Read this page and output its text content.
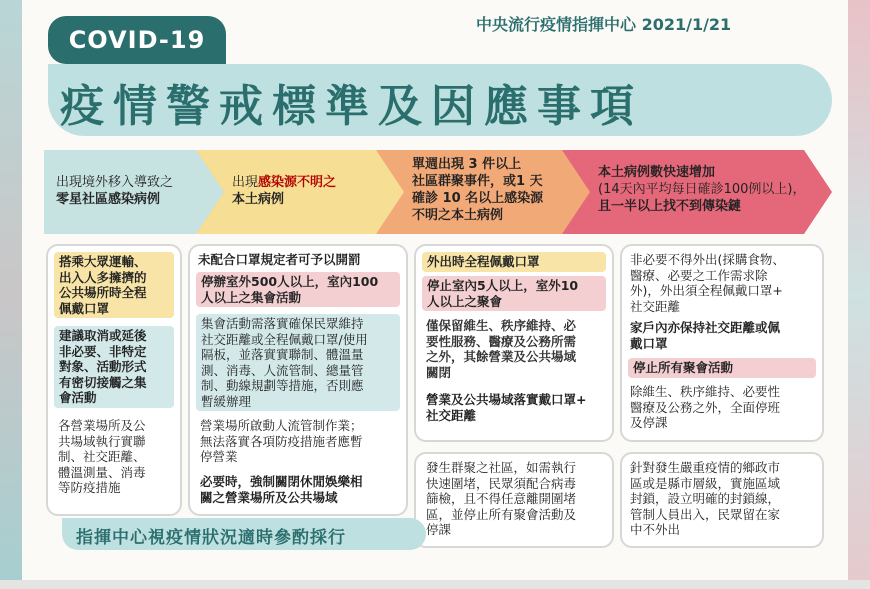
COVID-19
中央流行疫情指揮中心 2021/1/21
疫情警戒標準及因應事項
出現境外移入導致之
零星社區感染病例
出現感染源不明之
本土病例
單週出現 3 件以上
社區群聚事件，或1 天
確診 10 名以上感染源
不明之本土病例
本土病例數快速增加
(14天內平均每日確診100例以上)，
且一半以上找不到傳染鏈
搭乘大眾運輸、
出入人多擁擠的
公共場所時全程
佩戴口罩
建議取消或延後
非必要、非特定
對象、活動形式
有密切接觸之集
會活動
各營業場所及公
共場域執行實聯
制、社交距離、
體溫測量、消毒
等防疫措施
未配合口罩規定者可予以開罰
停辦室外500人以上，室內100
人以上之集會活動
集會活動需落實確保民眾維持
社交距離或全程佩戴口罩/使用
隔板，並落實實聯制、體溫量
測、消毒、人流管制、總量管
制、動線規劃等措施，否則應
暫緩辦理
營業場所啟動人流管制作業；
無法落實各項防疫措施者應暫
停營業
必要時，強制關閉休閒娛樂相
關之營業場所及公共場域
外出時全程佩戴口罩
停止室內5人以上，室外10
人以上之聚會
僅保留維生、秩序維持、必
要性服務、醫療及公務所需
之外，其餘營業及公共場域
關閉
營業及公共場域落實戴口罩+
社交距離
發生群聚之社區，如需執行
快速圍堵，民眾須配合病毒
篩檢，且不得任意離開圍堵
區，並停止所有聚會活動及
停課
非必要不得外出(採購食物、
醫療、必要之工作需求除
外)，外出須全程佩戴口罩+
社交距離
家戶內亦保持社交距離或佩
戴口罩
停止所有聚會活動
除維生、秩序維持、必要性
醫療及公務之外，全面停班
及停課
針對發生嚴重疫情的鄉政市
區或是縣市層級，實施區域
封鎖，設立明確的封鎖線，
管制人員出入，民眾留在家
中不外出
指揮中心視疫情狀況適時參酌採行
